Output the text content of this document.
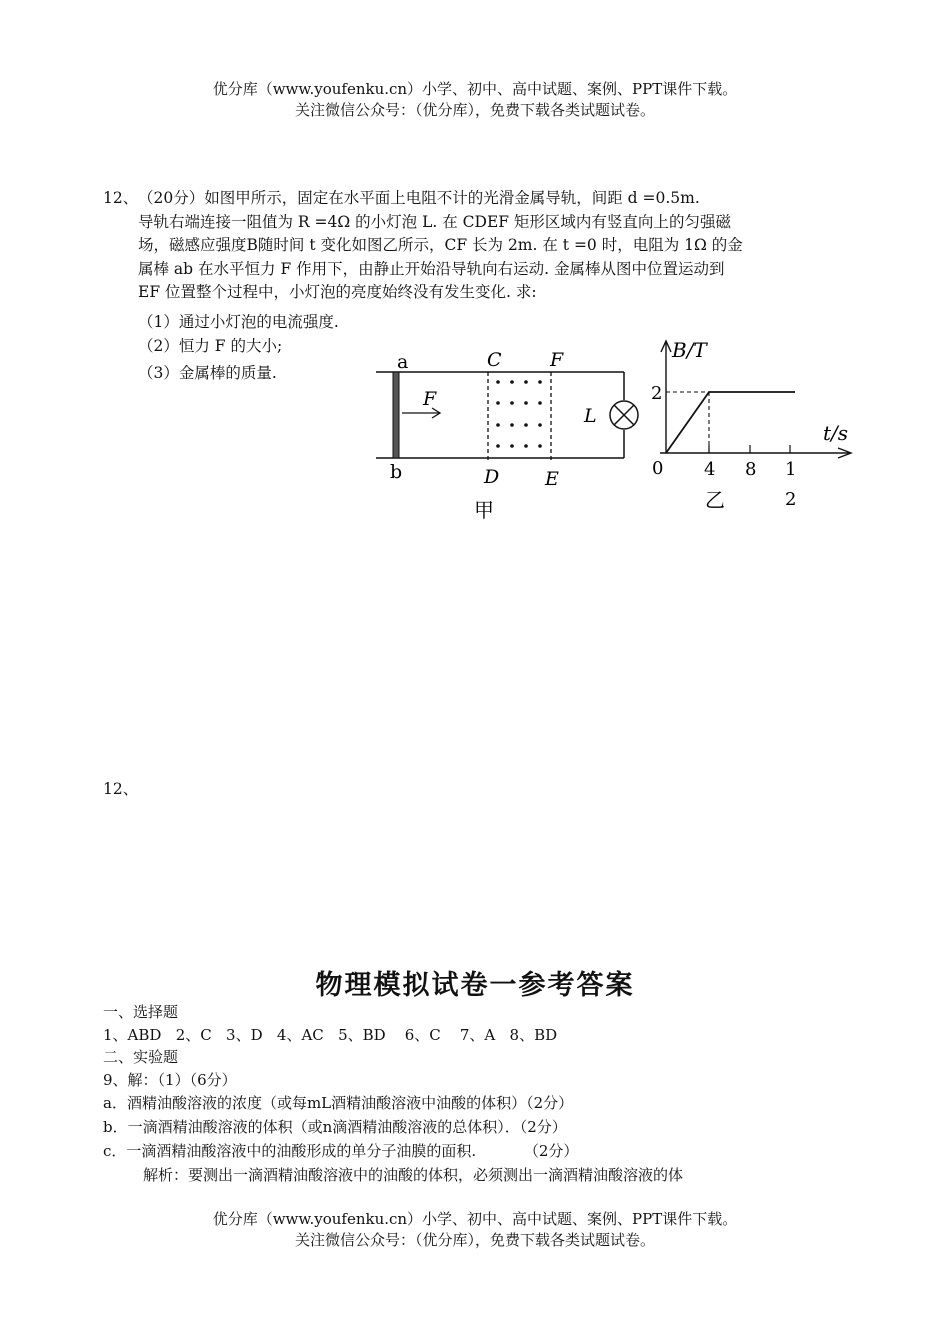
优分库（www.youfenku.cn）小学、初中、高中试题、案例、PPT课件下载。
关注微信公众号：（优分库），免费下载各类试题试卷。
12、 （20分）如图甲所示，固定在水平面上电阻不计的光滑金属导轨，间距 d =0.5m.
导轨右端连接一阻值为 R =4Ω 的小灯泡 L. 在 CDEF 矩形区域内有竖直向上的匀强磁
场，磁感应强度B随时间 t 变化如图乙所示，CF 长为 2m. 在 t =0 时，电阻为 1Ω 的金
属棒 ab 在水平恒力 F 作用下，由静止开始沿导轨向右运动. 金属棒从图中位置运动到
EF 位置整个过程中，小灯泡的亮度始终没有发生变化. 求:
（1）通过小灯泡的电流强度.
（2）恒力 F 的大小;
（3）金属棒的质量.	a
b
C	F
D E
F
L
甲
B/T
t/s
2
0 4 8 1
2
乙
12、
物理模拟试卷一参考答案
一、选择题
1、ABD   2、C   3、D   4、AC   5、BD    6、C    7、A   8、BD
二、实验题
9、解：（1）（6分）
a．酒精油酸溶液的浓度（或每mL酒精油酸溶液中油酸的体积）（2分）
b．一滴酒精油酸溶液的体积（或n滴酒精油酸溶液的总体积）．（2分）
c．一滴酒精油酸溶液中的油酸形成的单分子油膜的面积.          （2分）
解析：要测出一滴酒精油酸溶液中的油酸的体积，必须测出一滴酒精油酸溶液的体
优分库（www.youfenku.cn）小学、初中、高中试题、案例、PPT课件下载。
关注微信公众号：（优分库），免费下载各类试题试卷。
